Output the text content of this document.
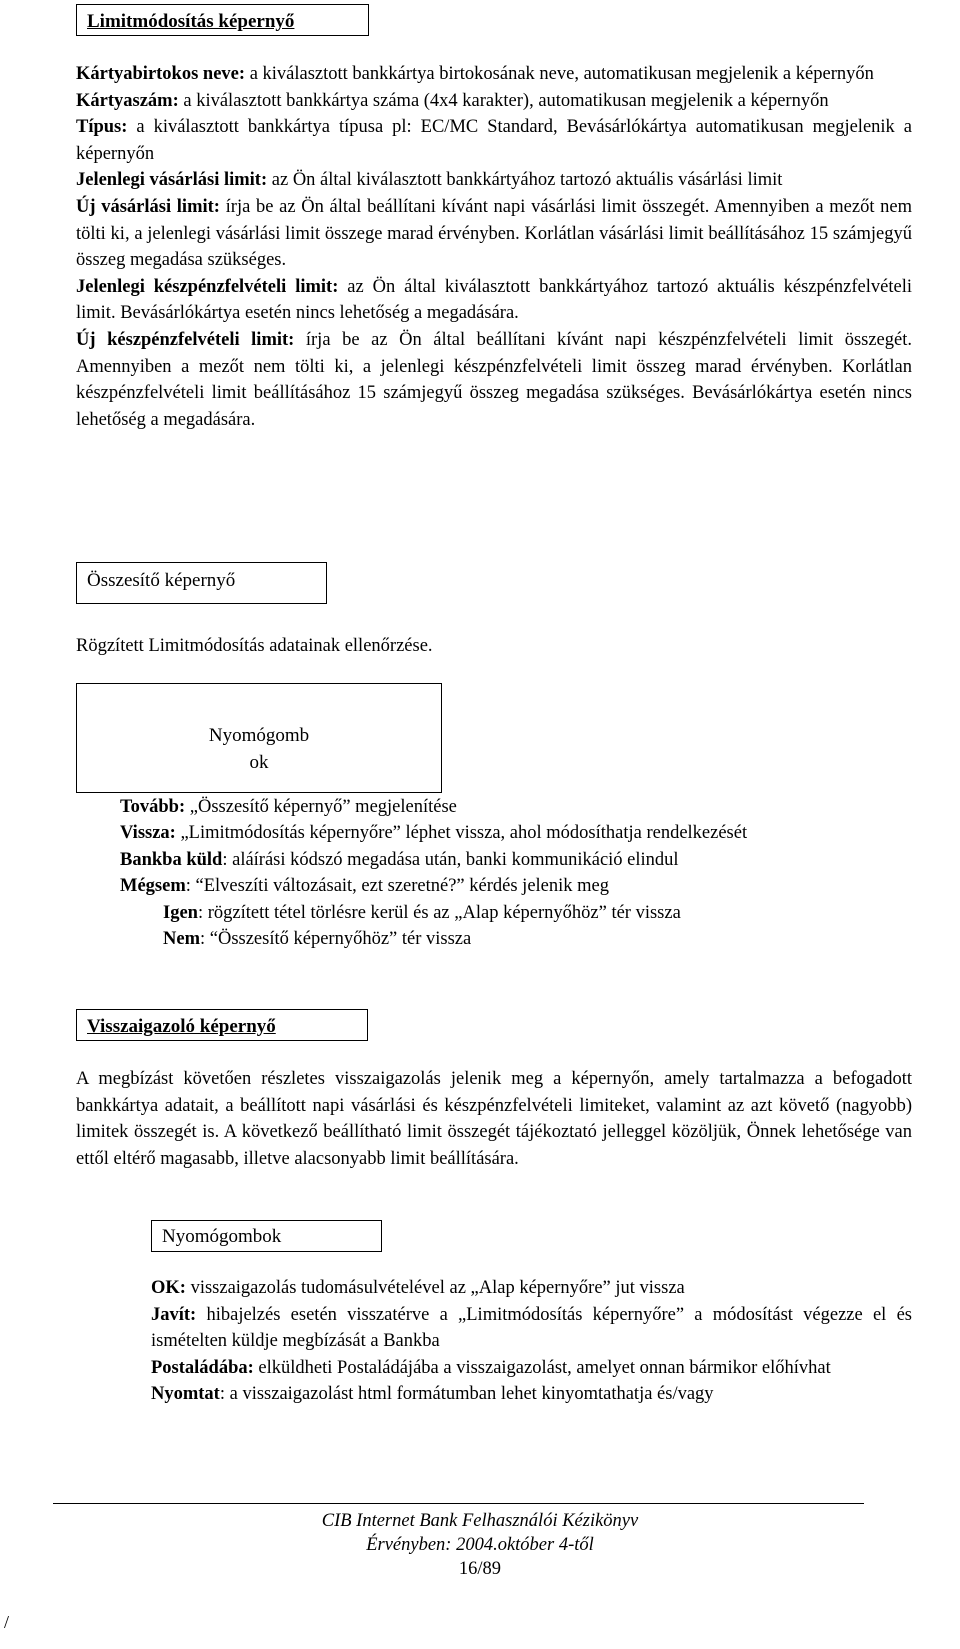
Limitmódosítás képernyő

Kártyabirtokos neve: a kiválasztott bankkártya birtokosának neve, automatikusan megjelenik a képernyőn

Kártyaszám: a kiválasztott bankkártya száma (4x4 karakter), automatikusan megjelenik a képernyőn

Típus: a kiválasztott bankkártya típusa pl: EC/MC Standard, Bevásárlókártya automatikusan megjelenik a képernyőn

Jelenlegi vásárlási limit: az Ön által kiválasztott bankkártyához tartozó aktuális vásárlási limit

Új vásárlási limit: írja be az Ön által beállítani kívánt napi vásárlási limit összegét. Amennyiben a mezőt nem tölti ki, a jelenlegi vásárlási limit összege marad érvényben. Korlátlan vásárlási limit beállításához 15 számjegyű összeg megadása szükséges.

Jelenlegi készpénzfelvételi limit: az Ön által kiválasztott bankkártyához tartozó aktuális készpénzfelvételi limit. Bevásárlókártya esetén nincs lehetőség a megadására.

Új készpénzfelvételi limit: írja be az Ön által beállítani kívánt napi készpénzfelvételi limit összegét. Amennyiben a mezőt nem tölti ki, a jelenlegi készpénzfelvételi limit összeg marad érvényben. Korlátlan készpénzfelvételi limit beállításához 15 számjegyű összeg megadása szükséges. Bevásárlókártya esetén nincs lehetőség a megadására.

Összesítő képernyő
Rögzített Limitmódosítás adatainak ellenőrzése.
Nyomógomb
ok
Tovább: „Összesítő képernyő” megjelenítése
Vissza: „Limitmódosítás képernyőre” léphet vissza, ahol módosíthatja rendelkezését
Bankba küld: aláírási kódszó megadása után, banki kommunikáció elindul
Mégsem: “Elveszíti változásait, ezt szeretné?” kérdés jelenik meg
Igen: rögzített tétel törlésre kerül és az „Alap képernyőhöz” tér vissza
Nem: “Összesítő képernyőhöz” tér vissza
Visszaigazoló képernyő
A megbízást követően részletes visszaigazolás jelenik meg a képernyőn, amely tartalmazza a befogadott bankkártya adatait, a beállított napi vásárlási és készpénzfelvételi limiteket, valamint az azt követő (nagyobb) limitek összegét is. A következő beállítható limit összegét tájékoztató jelleggel közöljük, Önnek lehetősége van ettől eltérő magasabb, illetve alacsonyabb limit beállítására.
Nyomógombok

OK: visszaigazolás tudomásulvételével az „Alap képernyőre” jut vissza

Javít: hibajelzés esetén visszatérve a „Limitmódosítás képernyőre” a módosítást végezze el és ismételten küldje megbízását a Bankba

Postaládába: elküldheti Postaládájába a visszaigazolást, amelyet onnan bármikor előhívhat

Nyomtat: a visszaigazolást html formátumban lehet kinyomtathatja és/vagy

CIB Internet Bank Felhasználói Kézikönyv
Érvényben: 2004.október 4-től
16/89
/
